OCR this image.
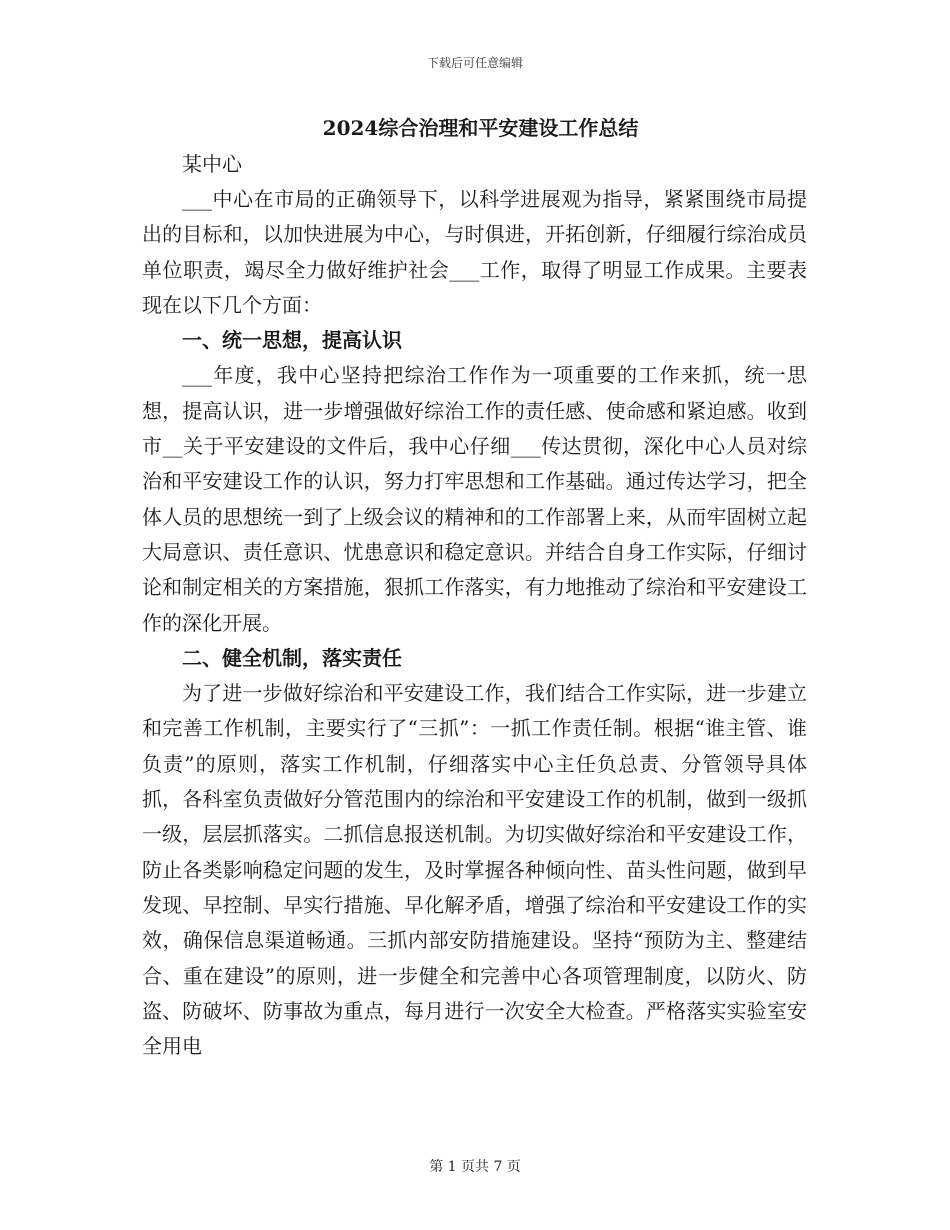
下载后可任意编辑
2024综合治理和平安建设工作总结

某中心

___中心在市局的正确领导下，以科学进展观为指导，紧紧围绕市局提出的目标和，以加快进展为中心，与时俱进，开拓创新，仔细履行综治成员单位职责，竭尽全力做好维护社会___工作，取得了明显工作成果。主要表现在以下几个方面：

一、统一思想，提高认识

___年度，我中心坚持把综治工作作为一项重要的工作来抓，统一思想，提高认识，进一步增强做好综治工作的责任感、使命感和紧迫感。收到市__关于平安建设的文件后，我中心仔细___传达贯彻，深化中心人员对综治和平安建设工作的认识，努力打牢思想和工作基础。通过传达学习，把全体人员的思想统一到了上级会议的精神和的工作部署上来，从而牢固树立起大局意识、责任意识、忧患意识和稳定意识。并结合自身工作实际，仔细讨论和制定相关的方案措施，狠抓工作落实，有力地推动了综治和平安建设工作的深化开展。

二、健全机制，落实责任

为了进一步做好综治和平安建设工作，我们结合工作实际，进一步建立和完善工作机制，主要实行了“三抓”：一抓工作责任制。根据“谁主管、谁负责”的原则，落实工作机制，仔细落实中心主任负总责、分管领导具体抓，各科室负责做好分管范围内的综治和平安建设工作的机制，做到一级抓一级，层层抓落实。二抓信息报送机制。为切实做好综治和平安建设工作，防止各类影响稳定问题的发生，及时掌握各种倾向性、苗头性问题，做到早发现、早控制、早实行措施、早化解矛盾，增强了综治和平安建设工作的实效，确保信息渠道畅通。三抓内部安防措施建设。坚持“预防为主、整建结合、重在建设”的原则，进一步健全和完善中心各项管理制度，以防火、防盗、防破坏、防事故为重点，每月进行一次安全大检查。严格落实实验室安全用电

第 1 页共 7 页
